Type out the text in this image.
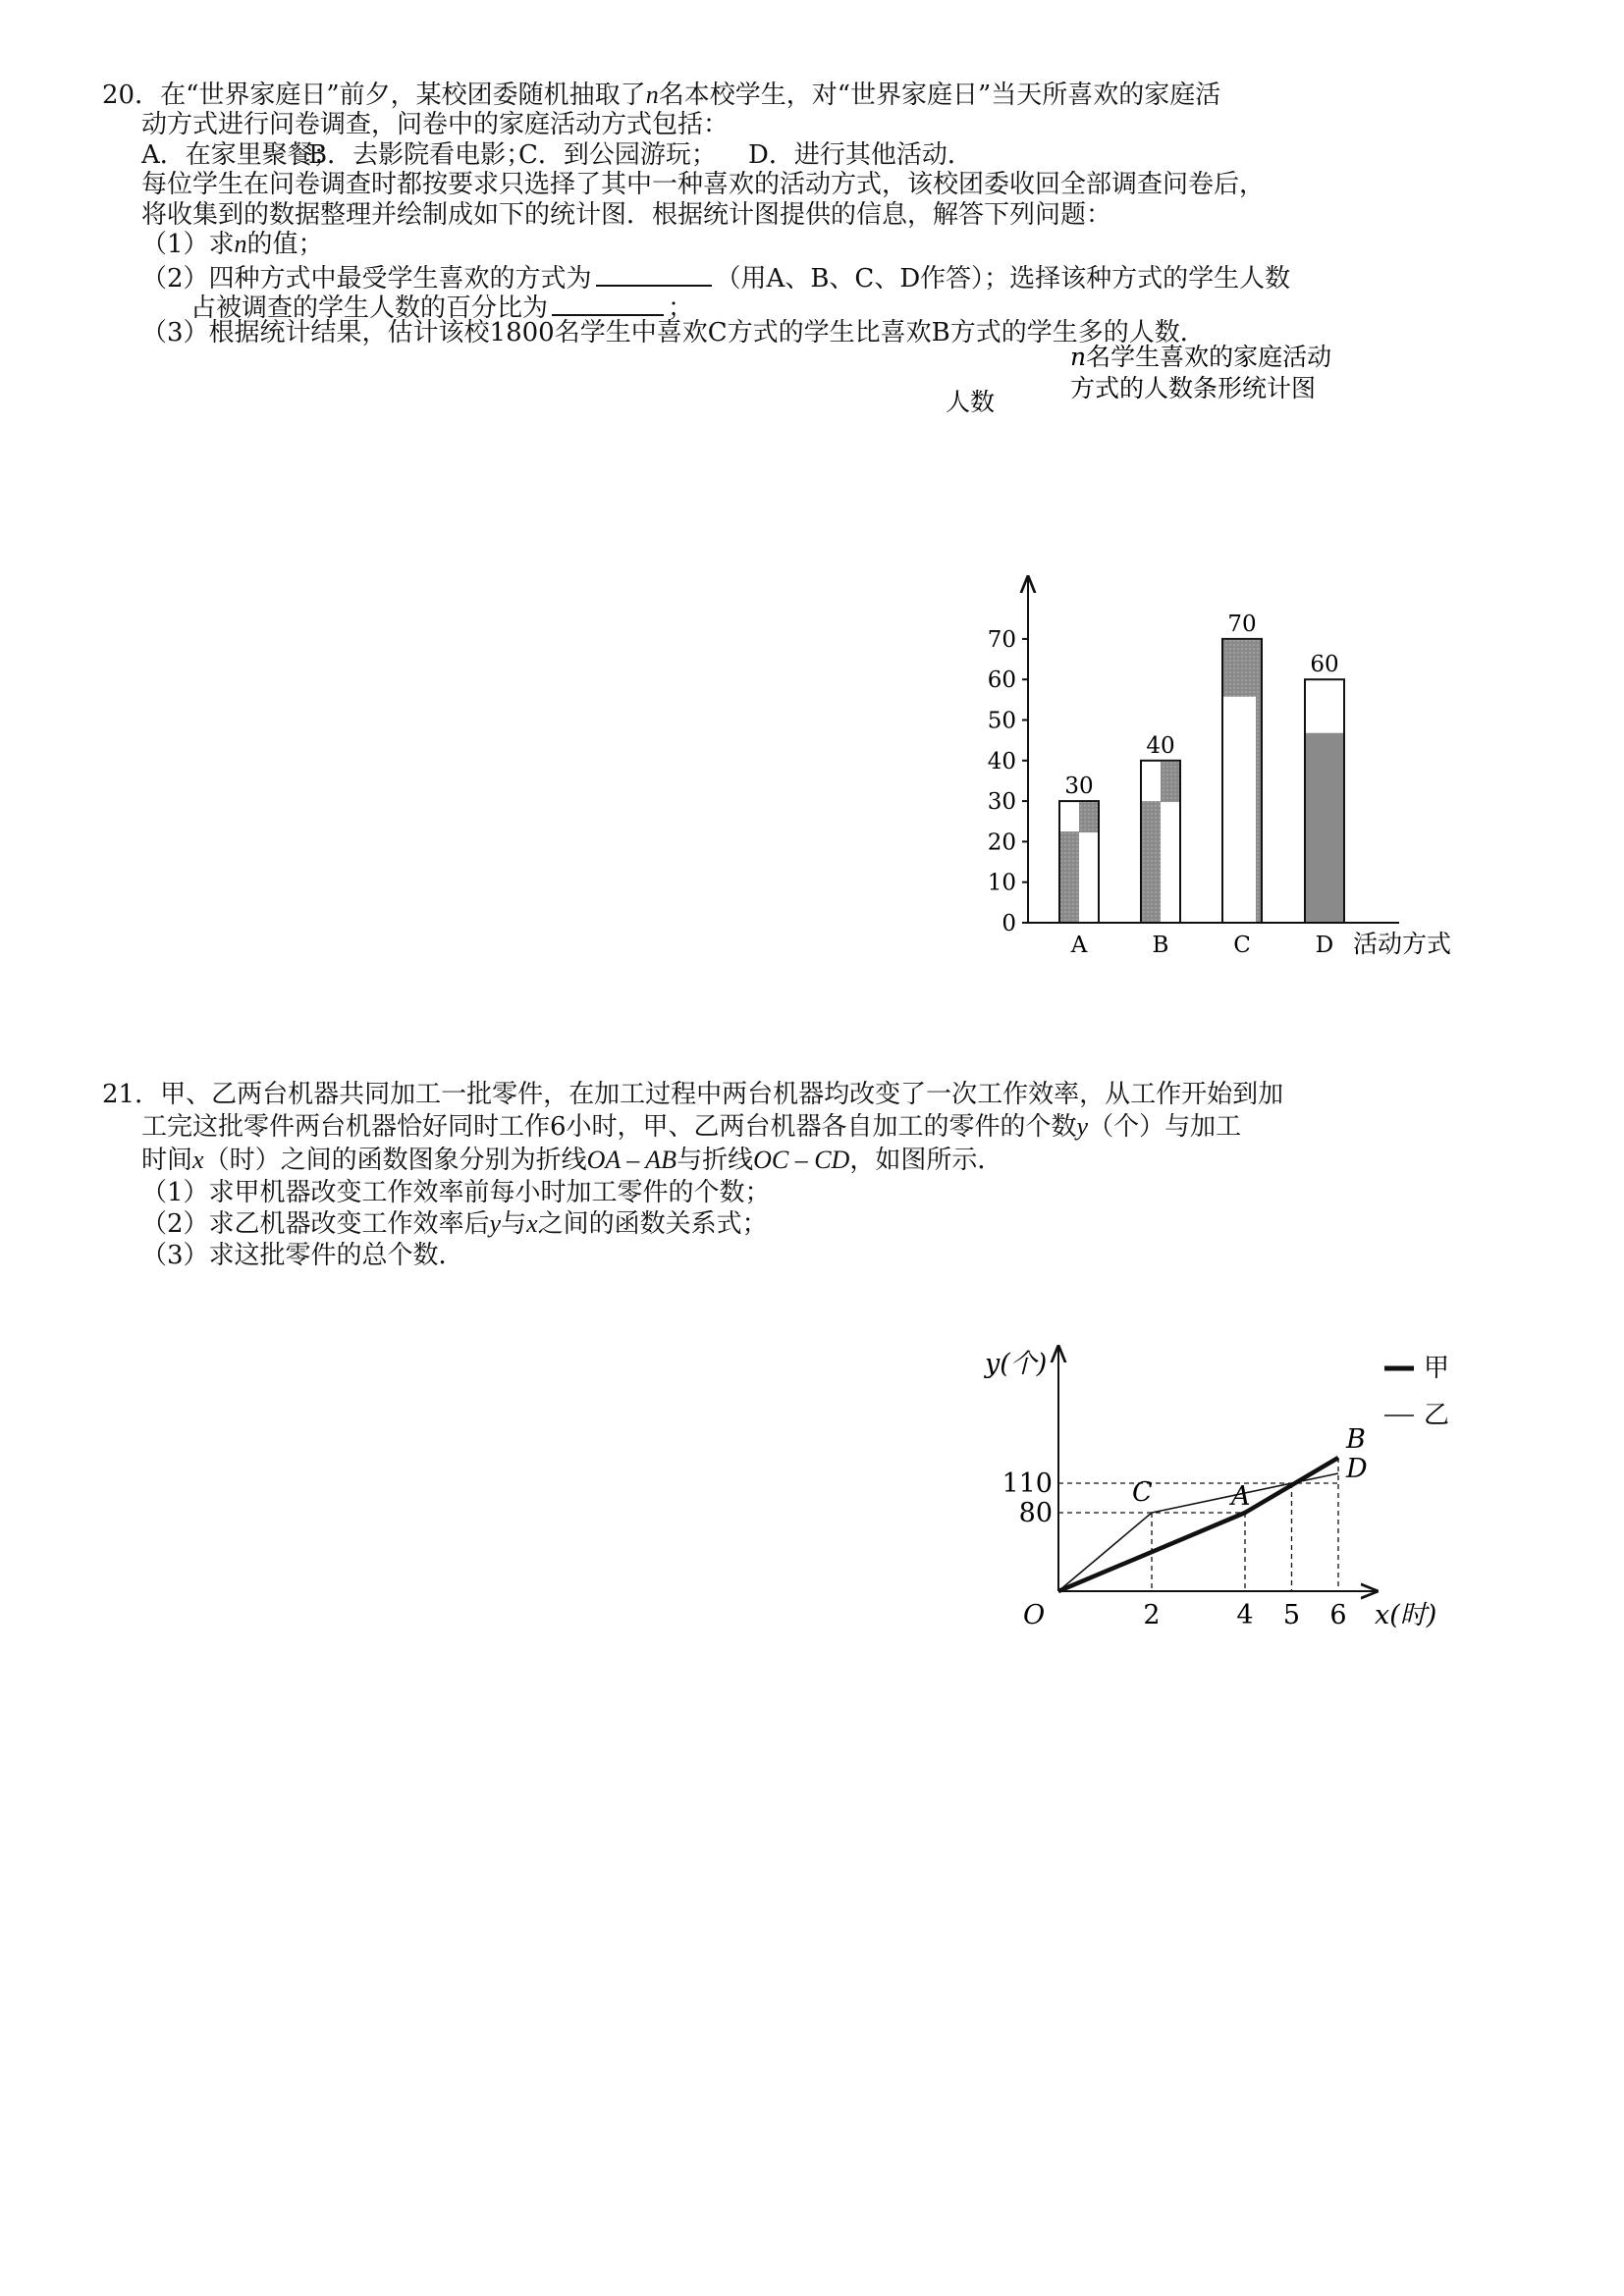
20．在“世界家庭日”前夕，某校团委随机抽取了n名本校学生，对“世界家庭日”当天所喜欢的家庭活
动方式进行问卷调查，问卷中的家庭活动方式包括：
A．在家里聚餐；
B．去影院看电影；
C．到公园游玩； D．进行其他活动．
每位学生在问卷调查时都按要求只选择了其中一种喜欢的活动方式，该校团委收回全部调查问卷后，
将收集到的数据整理并绘制成如下的统计图．根据统计图提供的信息，解答下列问题：
（1）求n的值；
（2）四种方式中最受学生喜欢的方式为	（用A、B、C、D作答）；选择该种方式的学生人数
占被调查的学生人数的百分比为	；
（3）根据统计结果，估计该校1800名学生中喜欢C方式的学生比喜欢B方式的学生多的人数．
n名学生喜欢的家庭活动
方式的人数条形统计图
人数
活动方式
0
10
20
30
40
50
60
70
30
A
40
B
70
C
60
D
21．甲、乙两台机器共同加工一批零件，在加工过程中两台机器均改变了一次工作效率，从工作开始到加
工完这批零件两台机器恰好同时工作6小时，甲、乙两台机器各自加工的零件的个数y（个）与加工
时间x（时）之间的函数图象分别为折线OA – AB与折线OC – CD，如图所示．
（1）求甲机器改变工作效率前每小时加工零件的个数；
（2）求乙机器改变工作效率后y与x之间的函数关系式；
（3）求这批零件的总个数．
y(个)
x(时)
O	2	4 5 6
80
110	A
B
C
D
甲
乙
